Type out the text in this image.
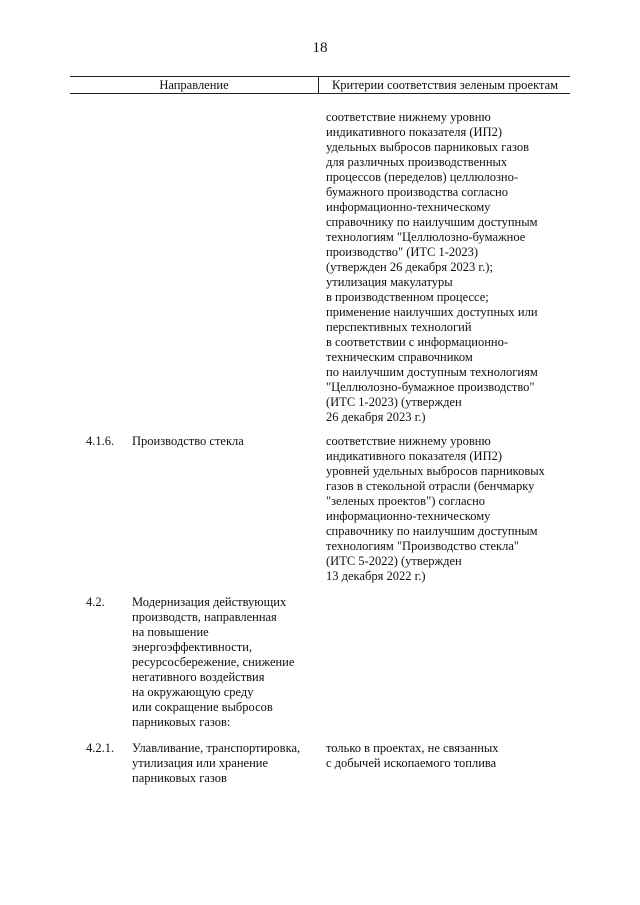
18
Направление	Критерии соответствия зеленым проектам
соответствие нижнему уровню
индикативного показателя (ИП2)
удельных выбросов парниковых газов
для различных производственных
процессов (переделов) целлюлозно-
бумажного производства согласно
информационно-техническому
справочнику по наилучшим доступным
технологиям "Целлюлозно-бумажное
производство" (ИТС 1-2023)
(утвержден 26 декабря 2023 г.);
утилизация макулатуры
в производственном процессе;
применение наилучших доступных или
перспективных технологий
в соответствии с информационно-
техническим справочником
по наилучшим доступным технологиям
"Целлюлозно-бумажное производство"
(ИТС 1-2023) (утвержден
26 декабря 2023 г.)
4.1.6. Производство стекла	соответствие нижнему уровню
индикативного показателя (ИП2)
уровней удельных выбросов парниковых
газов в стекольной отрасли (бенчмарку
"зеленых проектов") согласно
информационно-техническому
справочнику по наилучшим доступным
технологиям "Производство стекла"
(ИТС 5-2022) (утвержден
13 декабря 2022 г.)
4.2. Модернизация действующих
производств, направленная
на повышение
энергоэффективности,
ресурсосбережение, снижение
негативного воздействия
на окружающую среду
или сокращение выбросов
парниковых газов:
4.2.1. Улавливание, транспортировка,
утилизация или хранение
парниковых газов
только в проектах, не связанных
с добычей ископаемого топлива
